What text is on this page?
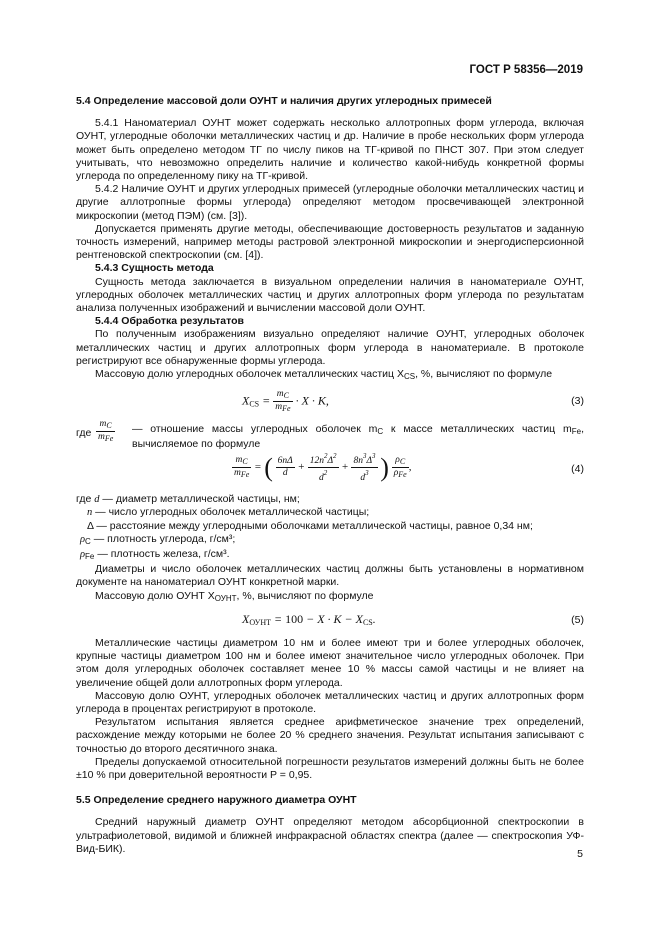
ГОСТ Р 58356—2019

5.4 Определение массовой доли ОУНТ и наличия других углеродных примесей

5.4.1 Наноматериал ОУНТ может содержать несколько аллотропных форм углерода, включая ОУНТ, углеродные оболочки металлических частиц и др. Наличие в пробе нескольких форм углерода может быть определено методом ТГ по числу пиков на ТГ-кривой по ПНСТ 307. При этом следует учитывать, что невозможно определить наличие и количество какой-нибудь конкретной формы углерода по определенному пику на ТГ-кривой.

5.4.2 Наличие ОУНТ и других углеродных примесей (углеродные оболочки металлических частиц и другие аллотропные формы углерода) определяют методом просвечивающей электронной микроскопии (метод ПЭМ) (см. [3]).

Допускается применять другие методы, обеспечивающие достоверность результатов и заданную точность измерений, например методы растровой электронной микроскопии и энергодисперсионной рентгеновской спектроскопии (см. [4]).

5.4.3 Сущность метода

Сущность метода заключается в визуальном определении наличия в наноматериале ОУНТ, углеродных оболочек металлических частиц и других аллотропных форм углерода по результатам анализа полученных изображений и вычислении массовой доли ОУНТ.

5.4.4 Обработка результатов

По полученным изображениям визуально определяют наличие ОУНТ, углеродных оболочек металлических частиц и других аллотропных форм углерода в наноматериале. В протоколе регистрируют все обнаруженные формы углерода.

Массовую долю углеродных оболочек металлических частиц $X_{CS}$, %, вычисляют по формуле

$X_{CS} = \frac{m_C}{m_{Fe}} \cdot X \cdot K$,	(3)
где
$m_C$
$m_{Fe}$
— отношение массы углеродных оболочек $m_C$ к массе металлических частиц $m_{Fe}$, вычисляемое по формуле
$\frac{m_C}{m_{Fe}}$ = ( $\frac{6n\Delta}{d} + \frac{12n^2\Delta^2}{d^2} + \frac{8n^3\Delta^3}{d^3}$ ) $\frac{\rho_C}{\rho_{Fe}}$ ,	(4)

где d — диаметр металлической частицы, нм;

n — число углеродных оболочек металлической частицы;

Δ — расстояние между углеродными оболочками металлической частицы, равное 0,34 нм;

$\rho_C$ — плотность углерода, г/см³;

$\rho_{Fe}$ — плотность железа, г/см³.

Диаметры и число оболочек металлических частиц должны быть установлены в нормативном документе на наноматериал ОУНТ конкретной марки.

Массовую долю ОУНТ $X_{ОУНТ}$, %, вычисляют по формуле

$X_{ОУНТ} = 100 - X \cdot K - X_{CS}$.	(5)

Металлические частицы диаметром 10 нм и более имеют три и более углеродных оболочек, крупные частицы диаметром 100 нм и более имеют значительное число углеродных оболочек. При этом доля углеродных оболочек составляет менее 10 % массы самой частицы и не влияет на увеличение общей доли аллотропных форм углерода.

Массовую долю ОУНТ, углеродных оболочек металлических частиц и других аллотропных форм углерода в процентах регистрируют в протоколе.

Результатом испытания является среднее арифметическое значение трех определений, расхождение между которыми не более 20 % среднего значения. Результат испытания записывают с точностью до второго десятичного знака.

Пределы допускаемой относительной погрешности результатов измерений должны быть не более ±10 % при доверительной вероятности P = 0,95.

5.5 Определение среднего наружного диаметра ОУНТ

Средний наружный диаметр ОУНТ определяют методом абсорбционной спектроскопии в ультрафиолетовой, видимой и ближней инфракрасной областях спектра (далее — спектроскопия УФ-Вид-БИК).	5
